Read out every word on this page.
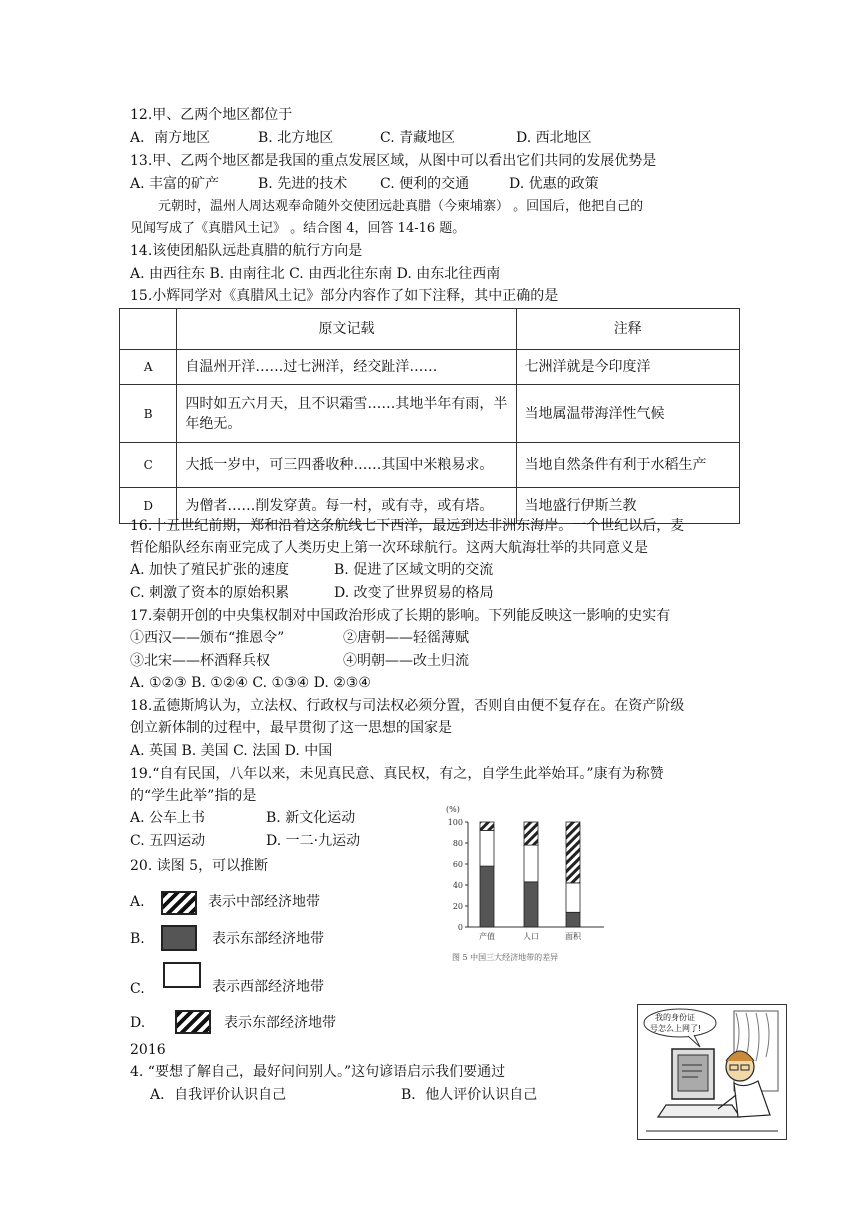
12.甲、乙两个地区都位于
A．南方地区	B. 北方地区	C. 青藏地区	D. 西北地区
13.甲、乙两个地区都是我国的重点发展区域，从图中可以看出它们共同的发展优势是
A. 丰富的矿产	B. 先进的技术 C. 便利的交通	D. 优惠的政策
元朝时，温州人周达观奉命随外交使团远赴真腊（今柬埔寨） 。回国后，他把自己的
见闻写成了《真腊风土记》 。结合图 4，回答 14-16 题。
14.该使团船队远赴真腊的航行方向是
A. 由西往东 B. 由南往北 C. 由西北往东南 D. 由东北往西南
15.小辉同学对《真腊风土记》部分内容作了如下注释，其中正确的是
	原文记载	注释
A	自温州开洋……过七洲洋，经交趾洋……	七洲洋就是今印度洋
B	四时如五六月天，且不识霜雪……其地半年有雨，半年绝无。	当地属温带海洋性气候
C	大抵一岁中，可三四番收种……其国中米粮易求。	当地自然条件有利于水稻生产
D	为僧者……削发穿黄。每一村，或有寺，或有塔。	当地盛行伊斯兰教
16.十五世纪前期，郑和沿着这条航线七下西洋，最远到达非洲东海岸。一个世纪以后，麦
哲伦船队经东南亚完成了人类历史上第一次环球航行。这两大航海壮举的共同意义是
A. 加快了殖民扩张的速度	B. 促进了区域文明的交流
C. 刺激了资本的原始积累	D. 改变了世界贸易的格局
17.秦朝开创的中央集权制对中国政治形成了长期的影响。下列能反映这一影响的史实有
①西汉——颁布“推恩令”	②唐朝——轻徭薄赋
③北宋——杯酒释兵权	④明朝——改土归流
A. ①②③ B. ①②④ C. ①③④ D. ②③④
18.孟德斯鸠认为，立法权、行政权与司法权必须分置，否则自由便不复存在。在资产阶级
创立新体制的过程中，最早贯彻了这一思想的国家是
A. 英国 B. 美国 C. 法国 D. 中国
19.“自有民国，八年以来，未见真民意、真民权，有之，自学生此举始耳。”康有为称赞
的“学生此举”指的是
A. 公车上书	B. 新文化运动
C. 五四运动	D. 一二·九运动
20. 读图 5，可以推断
A.	表示中部经济地带
B.	表示东部经济地带
C.	表示西部经济地带
D.	表示东部经济地带
(%)
0
20
40
60
80
100
产值	人口	面积
图 5 中国三大经济地带的差异
2016
4. “要想了解自己，最好问问别人。”这句谚语启示我们要通过
A．自我评价认识自己	B．他人评价认识自己
我的身份证
号怎么上网了!
